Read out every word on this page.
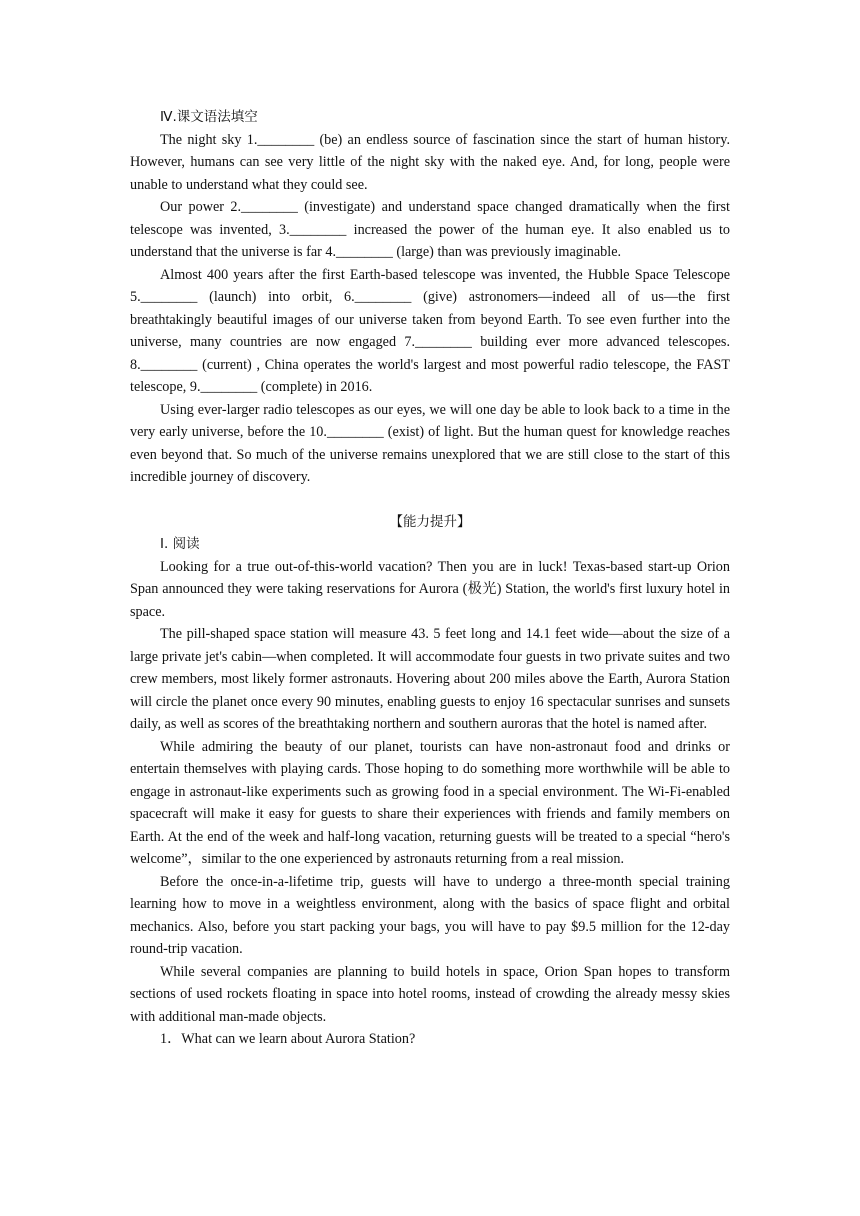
Ⅳ.课文语法填空

The night sky 1.________ (be) an endless source of fascination since the start of human history. However, humans can see very little of the night sky with the naked eye. And, for long, people were unable to understand what they could see.

Our power 2.________ (investigate) and understand space changed dramatically when the first telescope was invented, 3.________ increased the power of the human eye. It also enabled us to understand that the universe is far 4.________ (large) than was previously imaginable.

Almost 400 years after the first Earth-based telescope was invented, the Hubble Space Telescope 5.________ (launch) into orbit, 6.________ (give) astronomers—indeed all of us—the first breathtakingly beautiful images of our universe taken from beyond Earth. To see even further into the universe, many countries are now engaged 7.________ building ever more advanced telescopes. 8.________ (current) , China operates the world's largest and most powerful radio telescope, the FAST telescope, 9.________ (complete) in 2016.

Using ever-larger radio telescopes as our eyes, we will one day be able to look back to a time in the very early universe, before the 10.________ (exist) of light. But the human quest for knowledge reaches even beyond that. So much of the universe remains unexplored that we are still close to the start of this incredible journey of discovery.

【能力提升】
Ⅰ. 阅读

Looking for a true out-of-this-world vacation? Then you are in luck! Texas-based start-up Orion Span announced they were taking reservations for Aurora (极光) Station, the world's first luxury hotel in space.

The pill-shaped space station will measure 43. 5 feet long and 14.1 feet wide—about the size of a large private jet's cabin—when completed. It will accommodate four guests in two private suites and two crew members, most likely former astronauts. Hovering about 200 miles above the Earth, Aurora Station will circle the planet once every 90 minutes, enabling guests to enjoy 16 spectacular sunrises and sunsets daily, as well as scores of the breathtaking northern and southern auroras that the hotel is named after.

While admiring the beauty of our planet, tourists can have non-astronaut food and drinks or entertain themselves with playing cards. Those hoping to do something more worthwhile will be able to engage in astronaut-like experiments such as growing food in a special environment. The Wi-Fi-enabled spacecraft will make it easy for guests to share their experiences with friends and family members on Earth. At the end of the week and half-long vacation, returning guests will be treated to a special “hero's welcome”，similar to the one experienced by astronauts returning from a real mission.

Before the once-in-a-lifetime trip, guests will have to undergo a three-month special training learning how to move in a weightless environment, along with the basics of space flight and orbital mechanics. Also, before you start packing your bags, you will have to pay $9.5 million for the 12-day round-trip vacation.

While several companies are planning to build hotels in space, Orion Span hopes to transform sections of used rockets floating in space into hotel rooms, instead of crowding the already messy skies with additional man-made objects.

1．What can we learn about Aurora Station?
